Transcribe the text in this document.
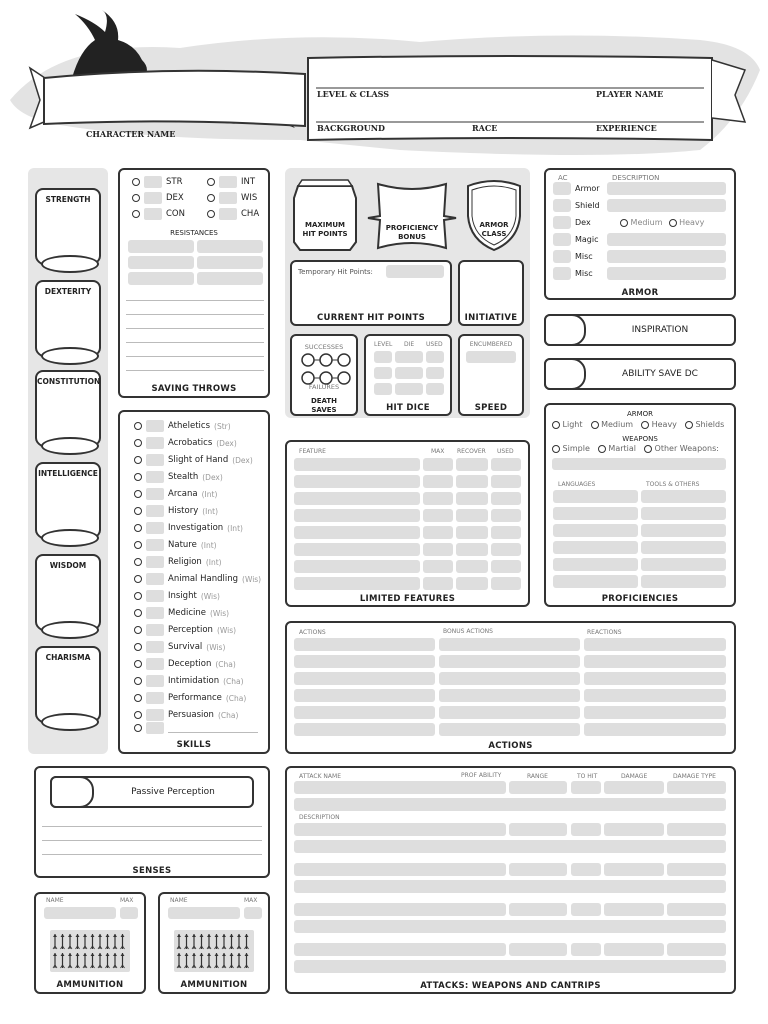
CHARACTER NAME
LEVEL & CLASS	PLAYER NAME
BACKGROUND	RACE	EXPERIENCE
STRENGTH
DEXTERITY
CONSTITUTION
INTELLIGENCE
WISDOM
CHARISMA
SAVING THROWS
STR
DEX
CON
INT
WIS
CHA
RESISTANCES
SKILLS
Atheletics (Str)
Acrobatics (Dex)
Slight of Hand (Dex)
Stealth (Dex)
Arcana (Int)
History (Int)
Investigation (Int)
Nature (Int)
Religion (Int)
Animal Handling (Wis)
Insight (Wis)
Medicine (Wis)
Perception (Wis)
Survival (Wis)
Deception (Cha)
Intimidation (Cha)
Performance (Cha)
Persuasion (Cha)
MAXIMUM
HIT POINTS
PROFICIENCY
BONUS
ARMOR
CLASS
Temporary Hit Points:
CURRENT HIT POINTS	INITIATIVE
SUCCESSES
FAILURES
DEATH
SAVES
LEVEL DIE USED
HIT DICE
ENCUMBERED
SPEED
AC	DESCRIPTION
ARMOR
Armor
Shield
Dex	Medium	Heavy
Magic
Misc
Misc
INSPIRATION
ABILITY SAVE DC
ARMOR
WEAPONS
LANGUAGES	TOOLS & OTHERS
PROFICIENCIES
Light	Medium	Heavy	Shields
Simple	Martial	Other Weapons:
FEATURE	MAX RECOVER USED
LIMITED FEATURES
ACTIONS	BONUS ACTIONS	REACTIONS
ACTIONS
SENSES
Passive Perception
NAME	MAX
AMMUNITION
NAME	MAX
AMMUNITION
ATTACK NAME	PROF ABILITY	RANGE	TO HIT	DAMAGE	DAMAGE TYPE
DESCRIPTION
ATTACKS: WEAPONS AND CANTRIPS
